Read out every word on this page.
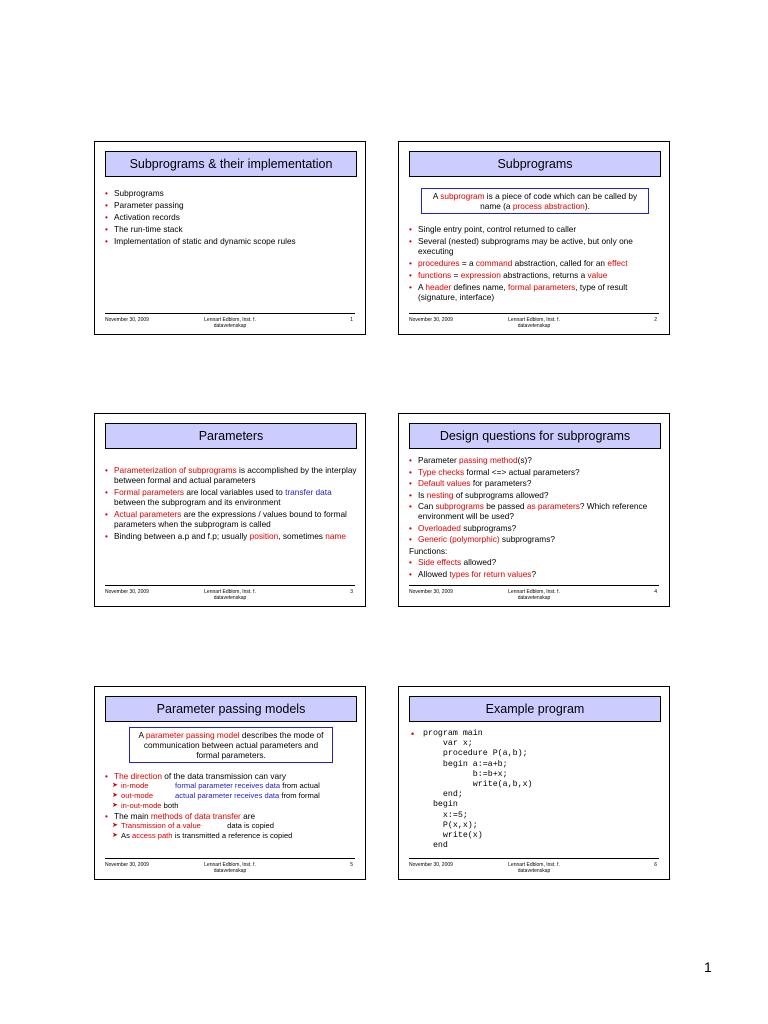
Subprograms & their implementation
• Subprograms
• Parameter passing
• Activation records
• The run-time stack
• Implementation of static and dynamic scope rules
November 30, 2009	Lennart Edblom, Inst. f.
datavetenskap
1
Subprograms
A subprogram is a piece of code which can be called by name (a process abstraction).
• Single entry point, control returned to caller
• Several (nested) subprograms may be active, but only one executing
• procedures = a command abstraction, called for an effect
• functions = expression abstractions, returns a value
• A header defines name, formal parameters, type of result (signature, interface)
November 30, 2009	Lennart Edblom, Inst. f.
datavetenskap
2
Parameters
• Parameterization of subprograms is accomplished by the interplay between formal and actual parameters
• Formal parameters are local variables used to transfer data between the subprogram and its environment
• Actual parameters are the expressions / values bound to formal parameters when the subprogram is called
• Binding between a.p and f.p; usually position, sometimes name
November 30, 2009	Lennart Edblom, Inst. f.
datavetenskap
3
Design questions for subprograms
• Parameter passing method(s)?
• Type checks formal <=> actual parameters?
• Default values for parameters?
• Is nesting of subprograms allowed?
• Can subprograms be passed as parameters? Which reference environment will be used?
• Overloaded subprograms?
• Generic (polymorphic) subprograms?
Functions:
• Side effects allowed?
• Allowed types for return values?
November 30, 2009	Lennart Edblom, Inst. f.
datavetenskap
4
Parameter passing models
A parameter passing model describes the mode of communication between actual parameters and formal parameters.
• The direction of the data transmission can vary
➤ in-mode	formal parameter receives data from actual
➤ out-mode	actual parameter receives data from formal
➤ in-out-mode both
• The main methods of data transfer are
➤ Transmission of a value	data is copied
➤ As access path is transmitted a reference is copied
November 30, 2009	Lennart Edblom, Inst. f.
datavetenskap
5
Example program
• program main
var x;
procedure P(a,b);
begin a:=a+b;
b:=b+x;
write(a,b,x)
end;
begin
x:=5;
P(x,x);
write(x)
end
November 30, 2009	Lennart Edblom, Inst. f.
datavetenskap
6
1
